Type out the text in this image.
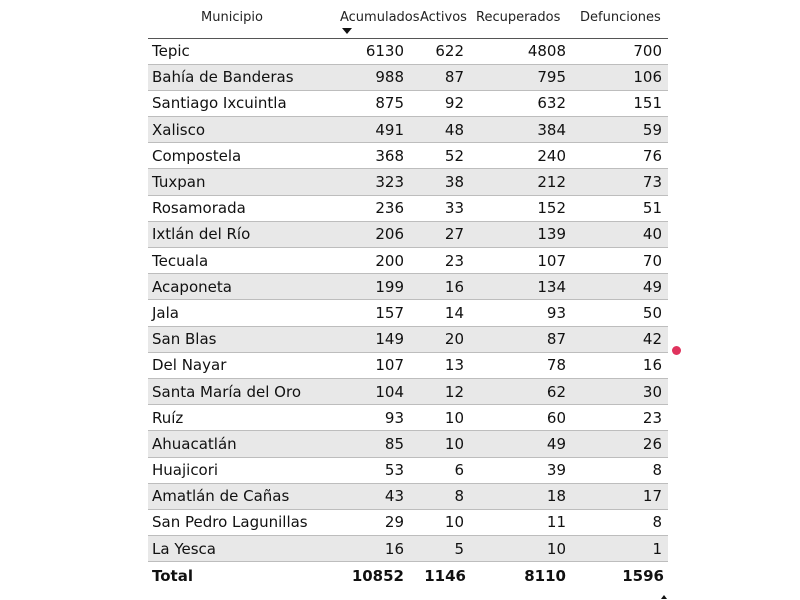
Municipio	Acumulados	Activos	Recuperados	Defunciones
Tepic	6130	622	4808	700
Bahía de Banderas	988	87	795	106
Santiago Ixcuintla	875	92	632	151
Xalisco	491	48	384	59
Compostela	368	52	240	76
Tuxpan	323	38	212	73
Rosamorada	236	33	152	51
Ixtlán del Río	206	27	139	40
Tecuala	200	23	107	70
Acaponeta	199	16	134	49
Jala	157	14	93	50
San Blas	149	20	87	42
Del Nayar	107	13	78	16
Santa María del Oro	104	12	62	30
Ruíz	93	10	60	23
Ahuacatlán	85	10	49	26
Huajicori	53	6	39	8
Amatlán de Cañas	43	8	18	17
San Pedro Lagunillas	29	10	11	8
La Yesca	16	5	10	1
Total	10852	1146	8110	1596
